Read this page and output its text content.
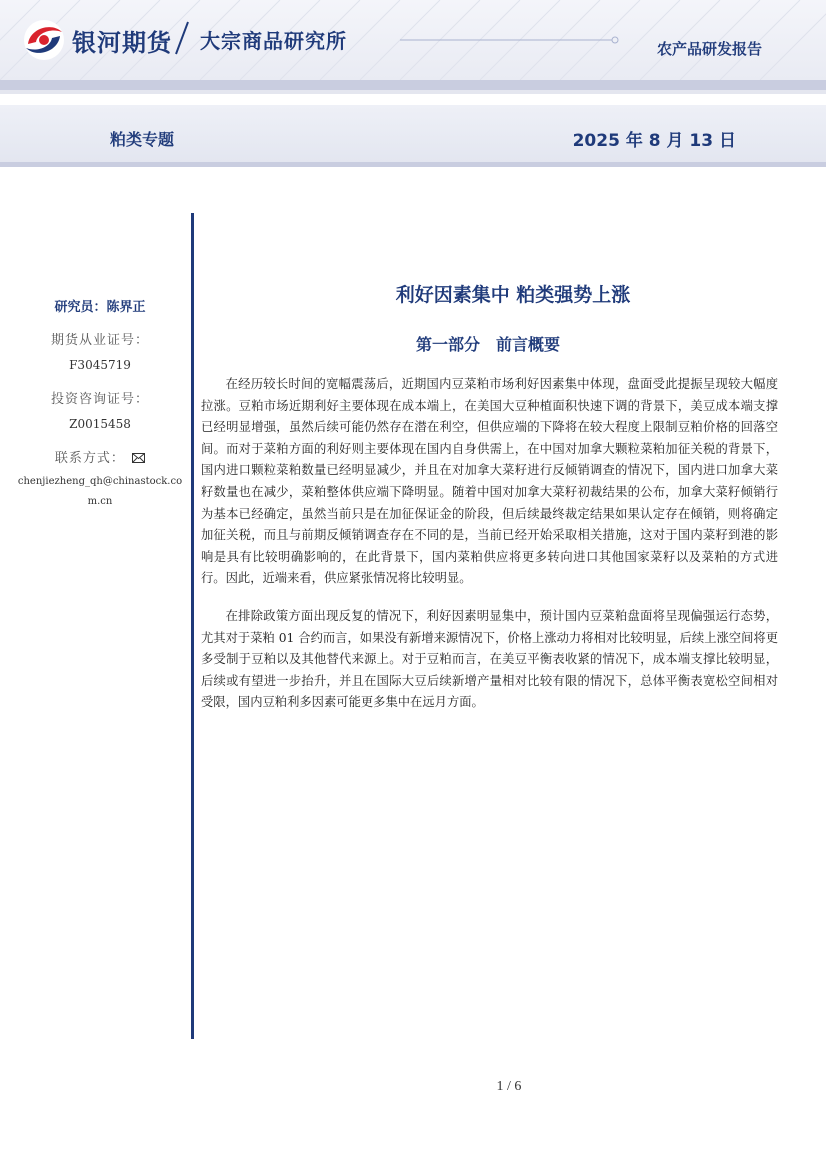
银河期货 大宗商品研究所	农产品研发报告
粕类专题	2025 年 8 月 13 日
研究员：陈界正
期货从业证号：
F3045719
投资咨询证号：
Z0015458
联系方式：
chenjiezheng_qh@chinastock.com.cn
利好因素集中 粕类强势上涨
第一部分　前言概要

在经历较长时间的宽幅震荡后，近期国内豆菜粕市场利好因素集中体现，盘面受此提振呈现较大幅度拉涨。豆粕市场近期利好主要体现在成本端上，在美国大豆种植面积快速下调的背景下，美豆成本端支撑已经明显增强，虽然后续可能仍然存在潜在利空，但供应端的下降将在较大程度上限制豆粕价格的回落空间。而对于菜粕方面的利好则主要体现在国内自身供需上，在中国对加拿大颗粒菜粕加征关税的背景下，国内进口颗粒菜粕数量已经明显减少，并且在对加拿大菜籽进行反倾销调查的情况下，国内进口加拿大菜籽数量也在减少，菜粕整体供应端下降明显。随着中国对加拿大菜籽初裁结果的公布，加拿大菜籽倾销行为基本已经确定，虽然当前只是在加征保证金的阶段，但后续最终裁定结果如果认定存在倾销，则将确定加征关税，而且与前期反倾销调查存在不同的是，当前已经开始采取相关措施，这对于国内菜籽到港的影响是具有比较明确影响的，在此背景下，国内菜粕供应将更多转向进口其他国家菜籽以及菜粕的方式进行。因此，近端来看，供应紧张情况将比较明显。

在排除政策方面出现反复的情况下，利好因素明显集中，预计国内豆菜粕盘面将呈现偏强运行态势，尤其对于菜粕 01 合约而言，如果没有新增来源情况下，价格上涨动力将相对比较明显，后续上涨空间将更多受制于豆粕以及其他替代来源上。对于豆粕而言，在美豆平衡表收紧的情况下，成本端支撑比较明显，后续或有望进一步抬升，并且在国际大豆后续新增产量相对比较有限的情况下，总体平衡表宽松空间相对受限，国内豆粕利多因素可能更多集中在远月方面。

1 / 6
